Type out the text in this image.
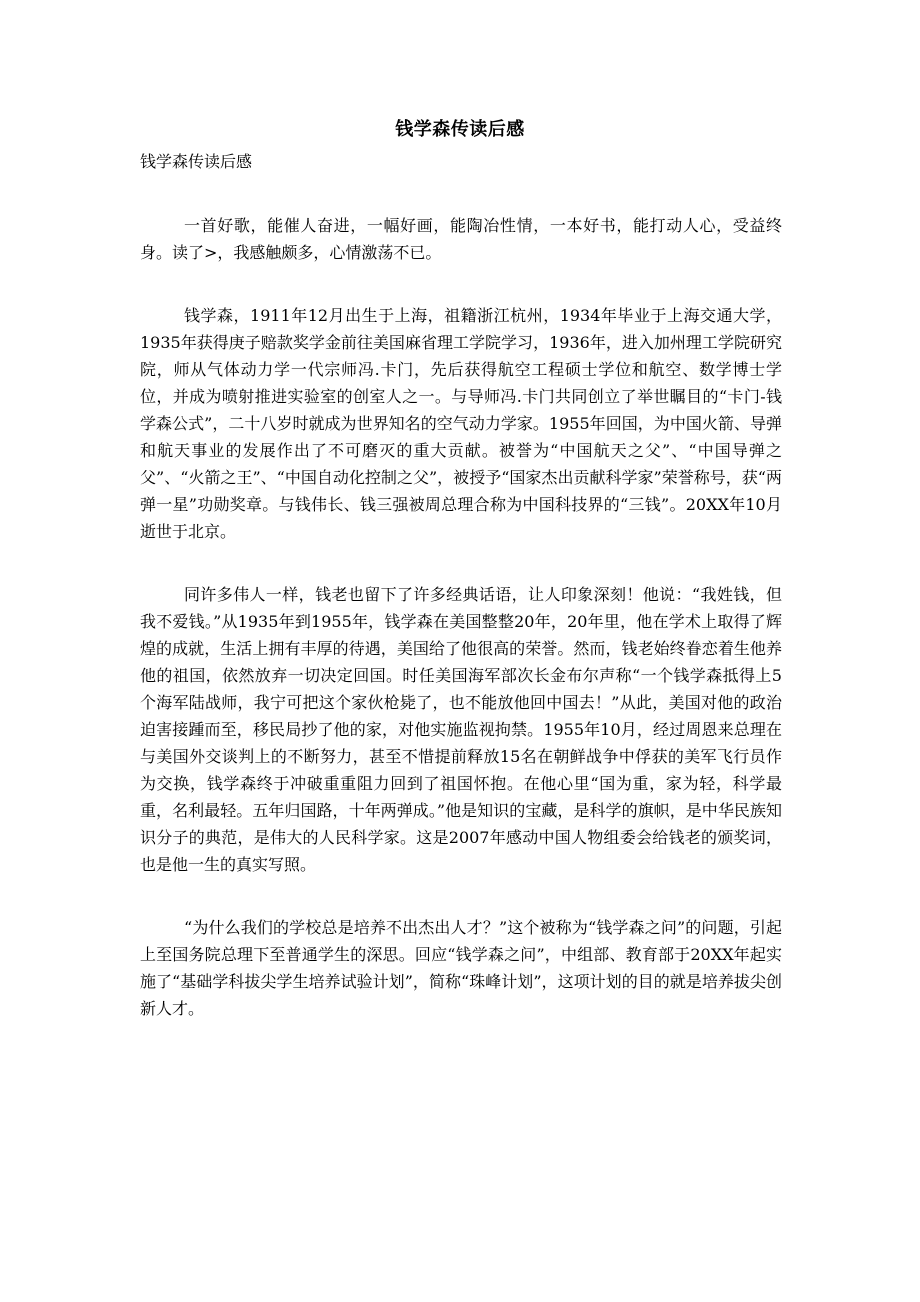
钱学森传读后感
钱学森传读后感

一首好歌，能催人奋进，一幅好画，能陶冶性情，一本好书，能打动人心，受益终身。读了>，我感触颇多，心情激荡不已。

钱学森，1911年12月出生于上海，祖籍浙江杭州，1934年毕业于上海交通大学，1935年获得庚子赔款奖学金前往美国麻省理工学院学习，1936年，进入加州理工学院研究院，师从气体动力学一代宗师冯.卡门，先后获得航空工程硕士学位和航空、数学博士学位，并成为喷射推进实验室的创室人之一。与导师冯.卡门共同创立了举世瞩目的“卡门-钱学森公式”，二十八岁时就成为世界知名的空气动力学家。1955年回国，为中国火箭、导弹和航天事业的发展作出了不可磨灭的重大贡献。被誉为“中国航天之父”、“中国导弹之父”、“火箭之王”、“中国自动化控制之父”，被授予“国家杰出贡献科学家”荣誉称号，获“两弹一星”功勋奖章。与钱伟长、钱三强被周总理合称为中国科技界的“三钱”。20XX年10月逝世于北京。

同许多伟人一样，钱老也留下了许多经典话语，让人印象深刻！他说：“我姓钱，但我不爱钱。”从1935年到1955年，钱学森在美国整整20年，20年里，他在学术上取得了辉煌的成就，生活上拥有丰厚的待遇，美国给了他很高的荣誉。然而，钱老始终眷恋着生他养他的祖国，依然放弃一切决定回国。时任美国海军部次长金布尔声称“一个钱学森抵得上5个海军陆战师，我宁可把这个家伙枪毙了，也不能放他回中国去！”从此，美国对他的政治迫害接踵而至，移民局抄了他的家，对他实施监视拘禁。1955年10月，经过周恩来总理在与美国外交谈判上的不断努力，甚至不惜提前释放15名在朝鲜战争中俘获的美军飞行员作为交换，钱学森终于冲破重重阻力回到了祖国怀抱。在他心里“国为重，家为轻，科学最重，名利最轻。五年归国路，十年两弹成。”他是知识的宝藏，是科学的旗帜，是中华民族知识分子的典范，是伟大的人民科学家。这是2007年感动中国人物组委会给钱老的颁奖词，也是他一生的真实写照。

“为什么我们的学校总是培养不出杰出人才？”这个被称为“钱学森之问”的问题，引起上至国务院总理下至普通学生的深思。回应“钱学森之问”，中组部、教育部于20XX年起实施了“基础学科拔尖学生培养试验计划”，简称“珠峰计划”，这项计划的目的就是培养拔尖创新人才。
